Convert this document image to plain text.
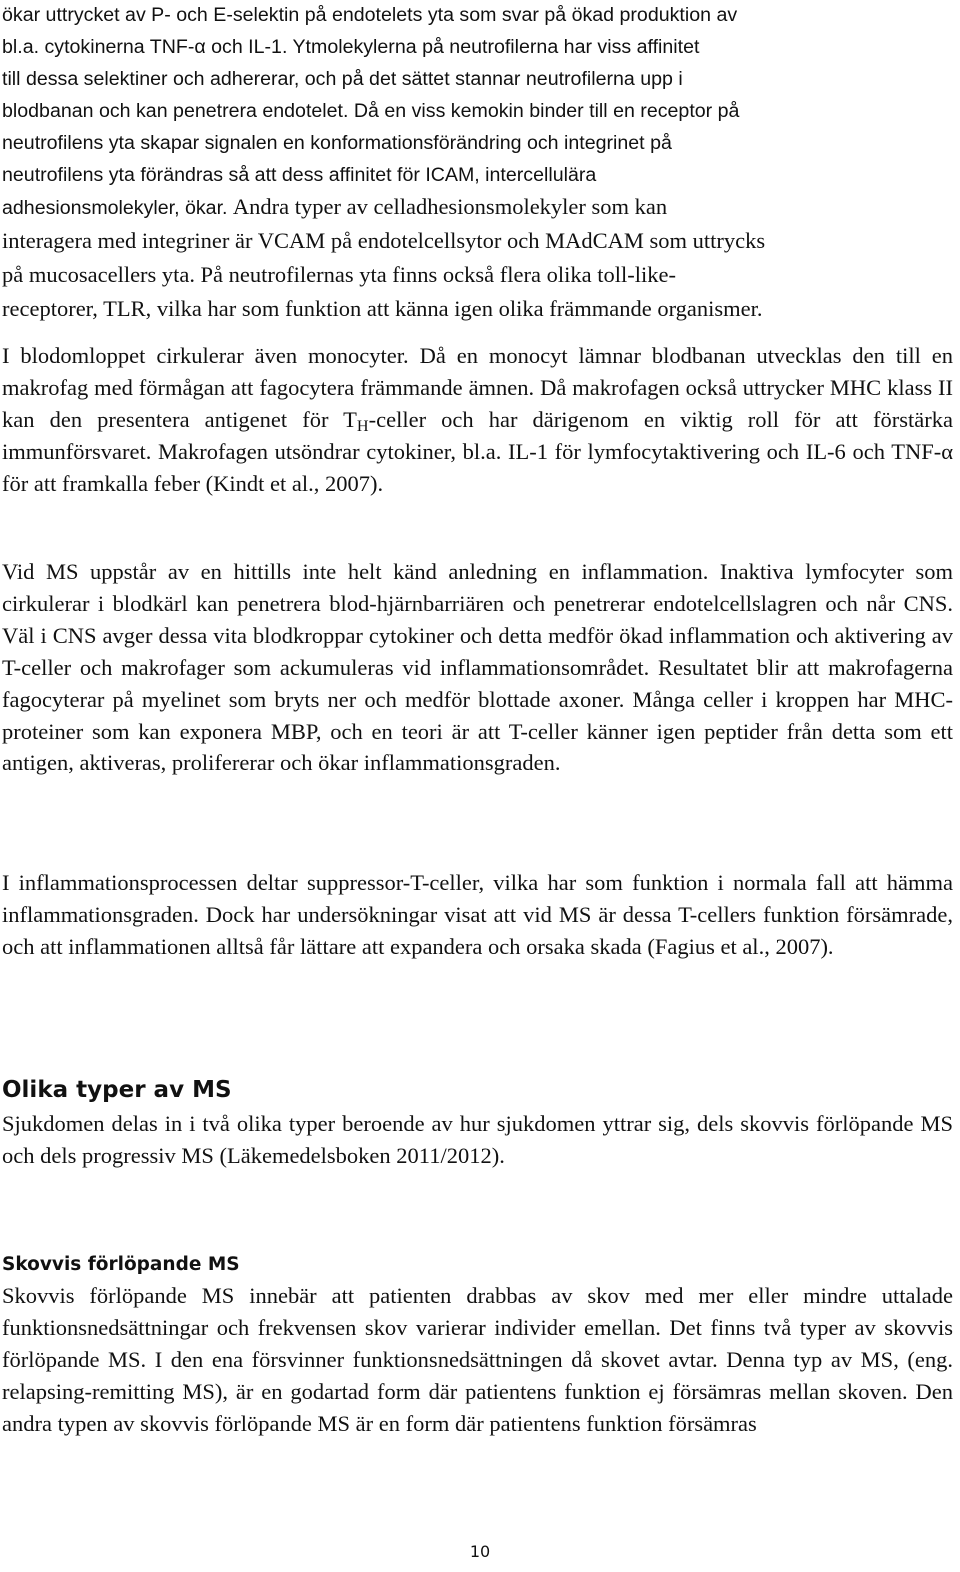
ökar uttrycket av P- och E-selektin på endotelets yta som svar på ökad produktion av
bl.a. cytokinerna TNF-α och IL-1. Ytmolekylerna på neutrofilerna har viss affinitet
till dessa selektiner och adhererar, och på det sättet stannar neutrofilerna upp i
blodbanan och kan penetrera endotelet. Då en viss kemokin binder till en receptor på
neutrofilens yta skapar signalen en konformationsförändring och integrinet på
neutrofilens yta förändras så att dess affinitet för ICAM, intercellulära
adhesionsmolekyler, ökar. Andra typer av celladhesionsmolekyler som kan
interagera med integriner är VCAM på endotelcellsytor och MAdCAM som uttrycks
på mucosacellers yta. På neutrofilernas yta finns också flera olika toll-like-
receptorer, TLR, vilka har som funktion att känna igen olika främmande organismer.

I blodomloppet cirkulerar även monocyter. Då en monocyt lämnar blodbanan utvecklas den till en makrofag med förmågan att fagocytera främmande ämnen. Då makrofagen också uttrycker MHC klass II kan den presentera antigenet för $T_H$-celler och har därigenom en viktig roll för att förstärka immunförsvaret. Makrofagen utsöndrar cytokiner, bl.a. IL-1 för lymfocytaktivering och IL-6 och TNF-α för att framkalla feber (Kindt et al., 2007).

Vid MS uppstår av en hittills inte helt känd anledning en inflammation. Inaktiva lymfocyter som cirkulerar i blodkärl kan penetrera blod-hjärnbarriären och penetrerar endotelcellslagren och når CNS. Väl i CNS avger dessa vita blodkroppar cytokiner och detta medför ökad inflammation och aktivering av T-celler och makrofager som ackumuleras vid inflammationsområdet. Resultatet blir att makrofagerna fagocyterar på myelinet som bryts ner och medför blottade axoner. Många celler i kroppen har MHC-proteiner som kan exponera MBP, och en teori är att T-celler känner igen peptider från detta som ett antigen, aktiveras, prolifererar och ökar inflammationsgraden.

I inflammationsprocessen deltar suppressor-T-celler, vilka har som funktion i normala fall att hämma inflammationsgraden. Dock har undersökningar visat att vid MS är dessa T-cellers funktion försämrade, och att inflammationen alltså får lättare att expandera och orsaka skada (Fagius et al., 2007).

Olika typer av MS

Sjukdomen delas in i två olika typer beroende av hur sjukdomen yttrar sig, dels skovvis förlöpande MS och dels progressiv MS (Läkemedelsboken 2011/2012).

Skovvis förlöpande MS

Skovvis förlöpande MS innebär att patienten drabbas av skov med mer eller mindre uttalade funktionsnedsättningar och frekvensen skov varierar individer emellan. Det finns två typer av skovvis förlöpande MS. I den ena försvinner funktionsnedsättningen då skovet avtar. Denna typ av MS, (eng. relapsing-remitting MS), är en godartad form där patientens funktion ej försämras mellan skoven. Den andra typen av skovvis förlöpande MS är en form där patientens funktion försämras

10
